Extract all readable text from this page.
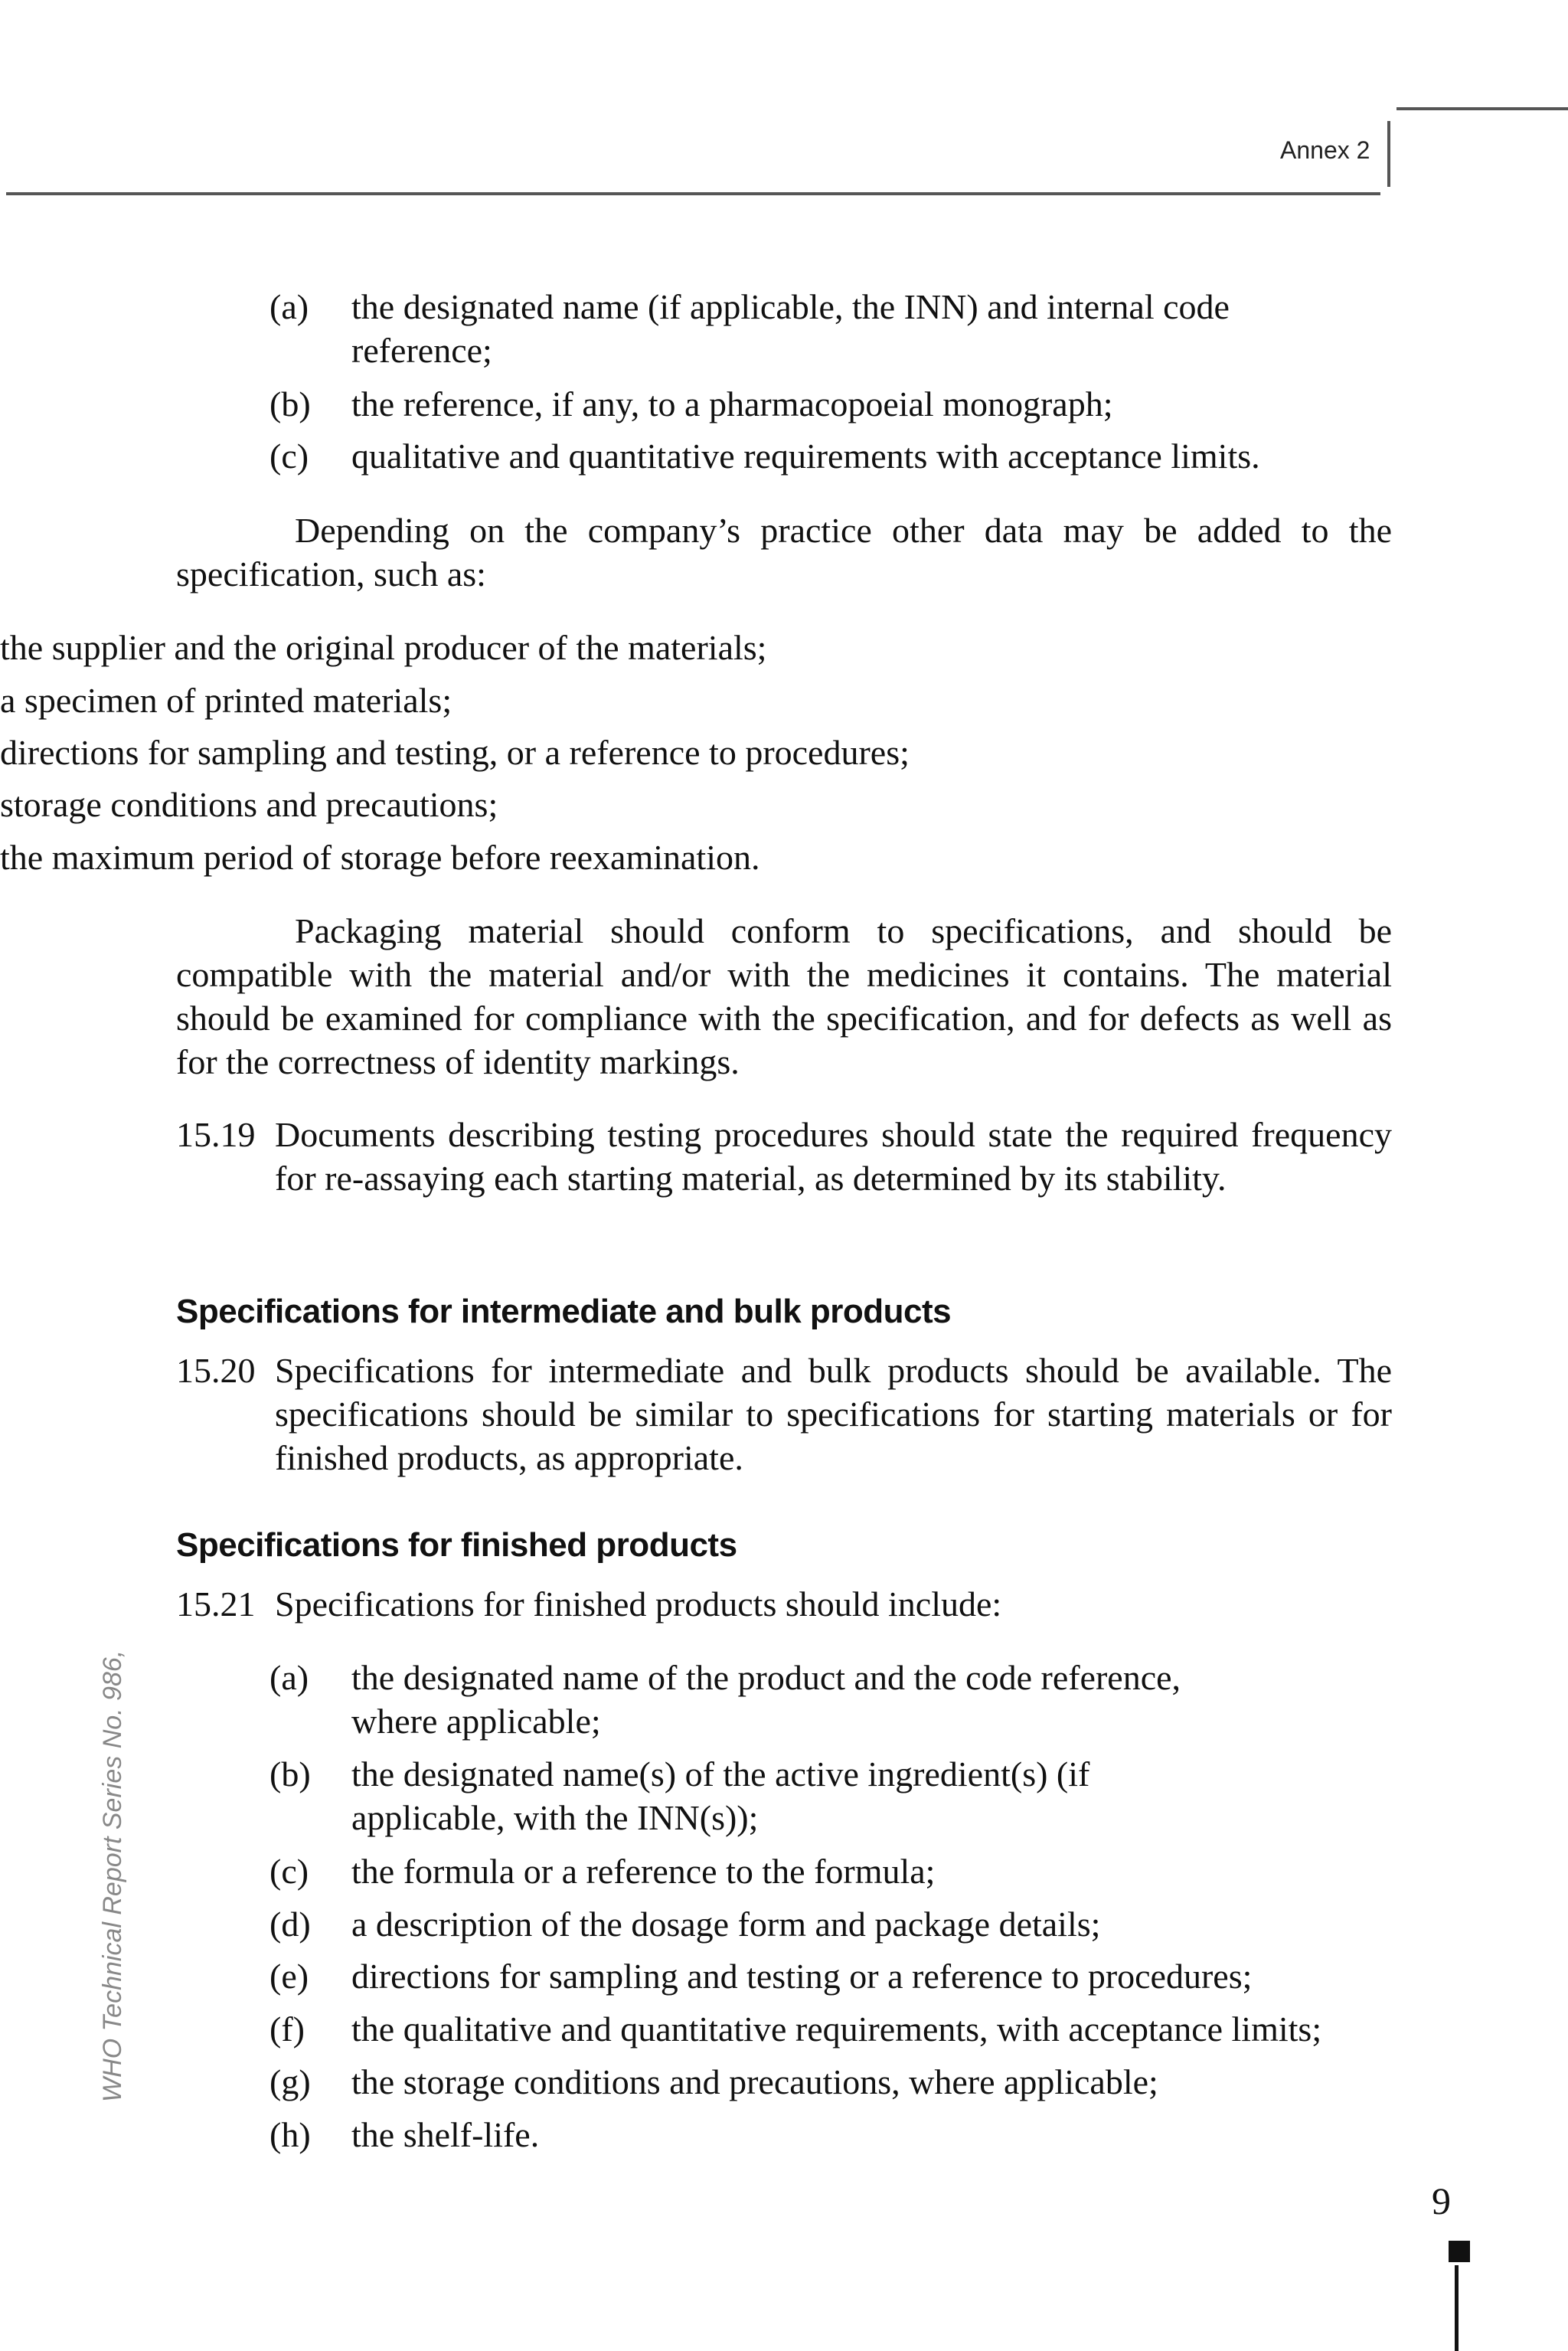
Annex 2
(a) the designated name (if applicable, the INN) and internal code
reference;
(b) the reference, if any, to a pharmacopoeial monograph;
(c) qualitative and quantitative requirements with acceptance limits.
Depending on the company’s practice other data may be added to the specification, such as:
the supplier and the original producer of the materials;
a specimen of printed materials;
directions for sampling and testing, or a reference to procedures;
storage conditions and precautions;
the maximum period of storage before reexamination.
Packaging material should conform to specifications, and should be compatible with the material and/or with the medicines it contains. The material should be examined for compliance with the specification, and for defects as well as for the correctness of identity markings.
15.19 Documents describing testing procedures should state the required frequency for re-assaying each starting material, as determined by its stability.
Specifications for intermediate and bulk products
15.20 Specifications for intermediate and bulk products should be available. The specifications should be similar to specifications for starting materials or for finished products, as appropriate.
Specifications for finished products
15.21 Specifications for finished products should include:
(a) the designated name of the product and the code reference,
where applicable;
(b) the designated name(s) of the active ingredient(s) (if
applicable, with the INN(s));
(c) the formula or a reference to the formula;
(d) a description of the dosage form and package details;
(e) directions for sampling and testing or a reference to procedures;
(f) the qualitative and quantitative requirements, with acceptance limits;
(g) the storage conditions and precautions, where applicable;
(h) the shelf-life.
WHO Technical Report Series No. 986,
9
